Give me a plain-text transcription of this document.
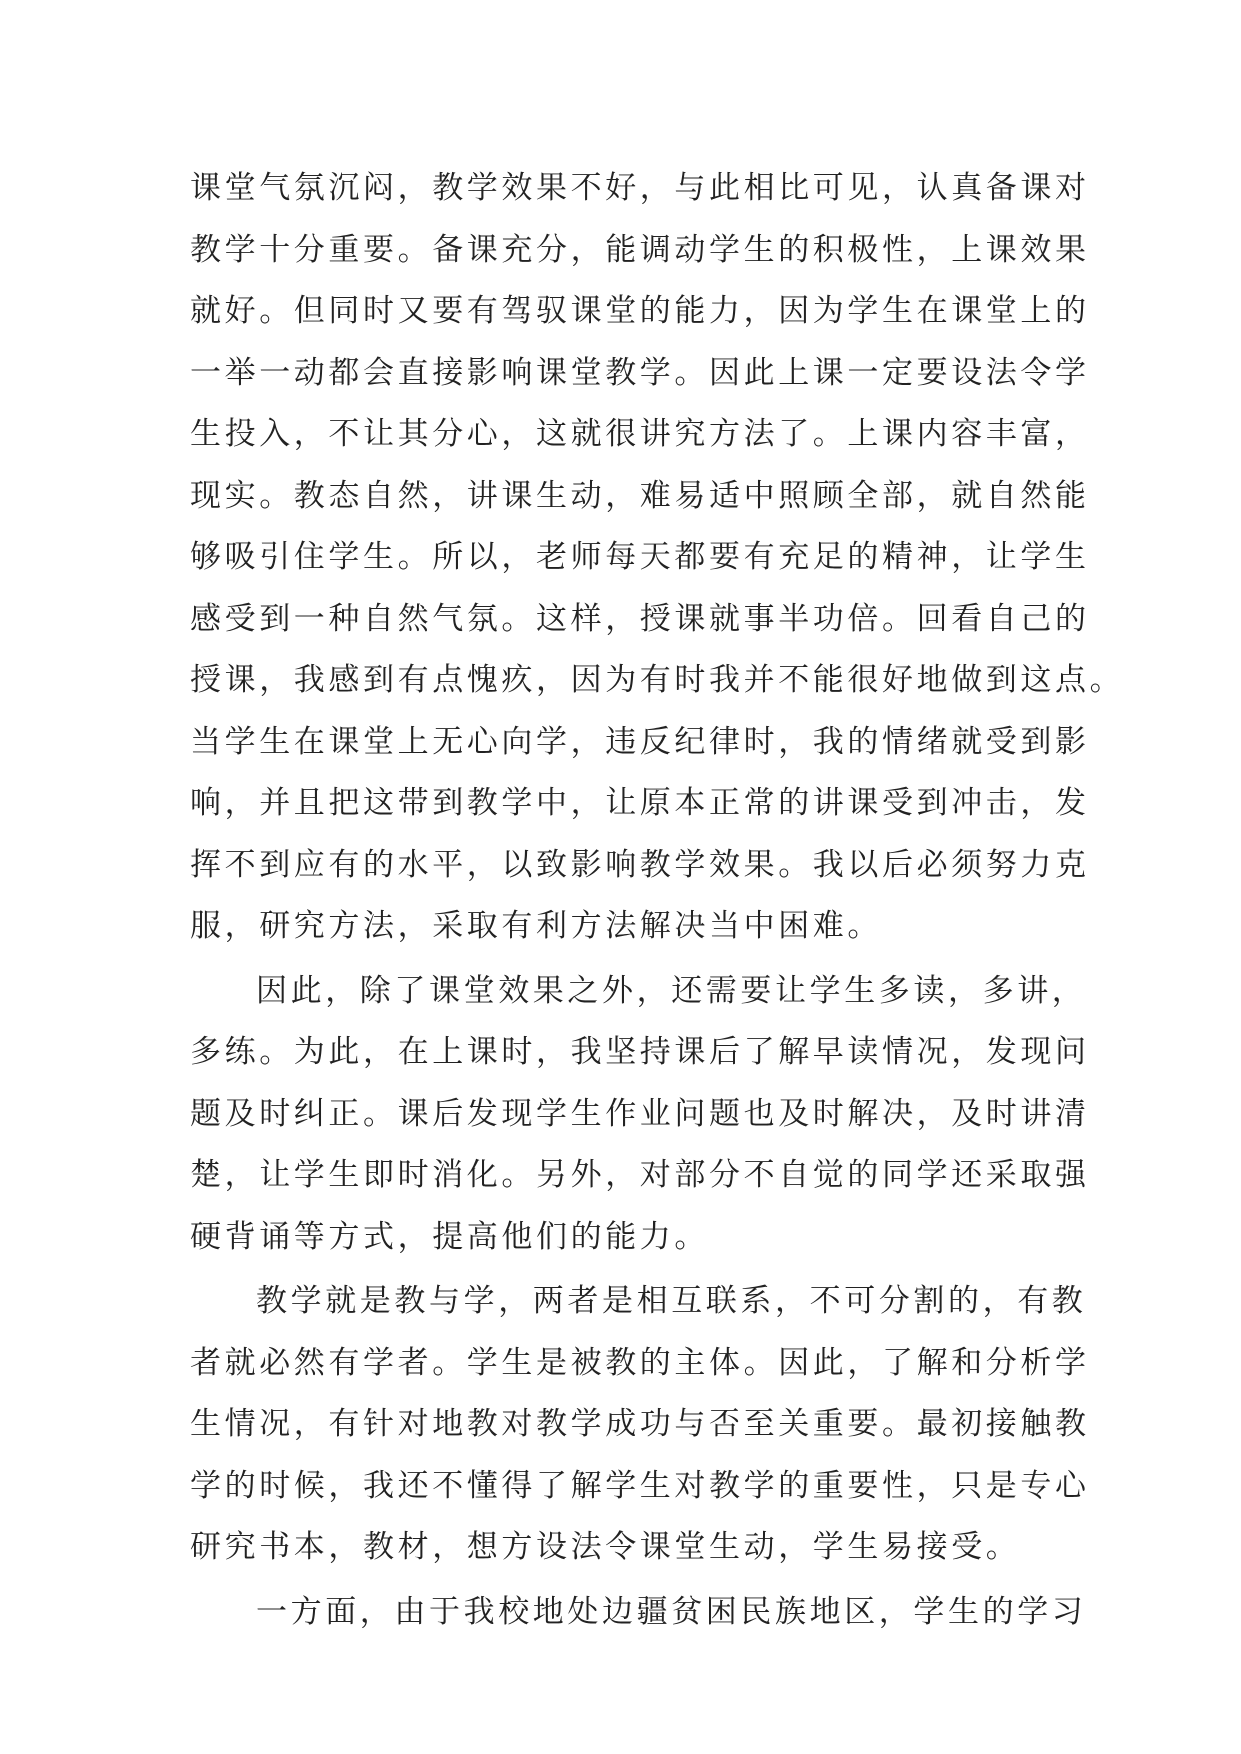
课堂气氛沉闷，教学效果不好，与此相比可见，认真备课对
教学十分重要。备课充分，能调动学生的积极性，上课效果
就好。但同时又要有驾驭课堂的能力，因为学生在课堂上的
一举一动都会直接影响课堂教学。因此上课一定要设法令学
生投入，不让其分心，这就很讲究方法了。上课内容丰富，
现实。教态自然，讲课生动，难易适中照顾全部，就自然能
够吸引住学生。所以，老师每天都要有充足的精神，让学生
感受到一种自然气氛。这样，授课就事半功倍。回看自己的
授课，我感到有点愧疚，因为有时我并不能很好地做到这点。
当学生在课堂上无心向学，违反纪律时，我的情绪就受到影
响，并且把这带到教学中，让原本正常的讲课受到冲击，发
挥不到应有的水平，以致影响教学效果。我以后必须努力克
服，研究方法，采取有利方法解决当中困难。
因此，除了课堂效果之外，还需要让学生多读，多讲，
多练。为此，在上课时，我坚持课后了解早读情况，发现问
题及时纠正。课后发现学生作业问题也及时解决，及时讲清
楚，让学生即时消化。另外，对部分不自觉的同学还采取强
硬背诵等方式，提高他们的能力。
教学就是教与学，两者是相互联系，不可分割的，有教
者就必然有学者。学生是被教的主体。因此，了解和分析学
生情况，有针对地教对教学成功与否至关重要。最初接触教
学的时候，我还不懂得了解学生对教学的重要性，只是专心
研究书本，教材，想方设法令课堂生动，学生易接受。
一方面，由于我校地处边疆贫困民族地区，学生的学习
